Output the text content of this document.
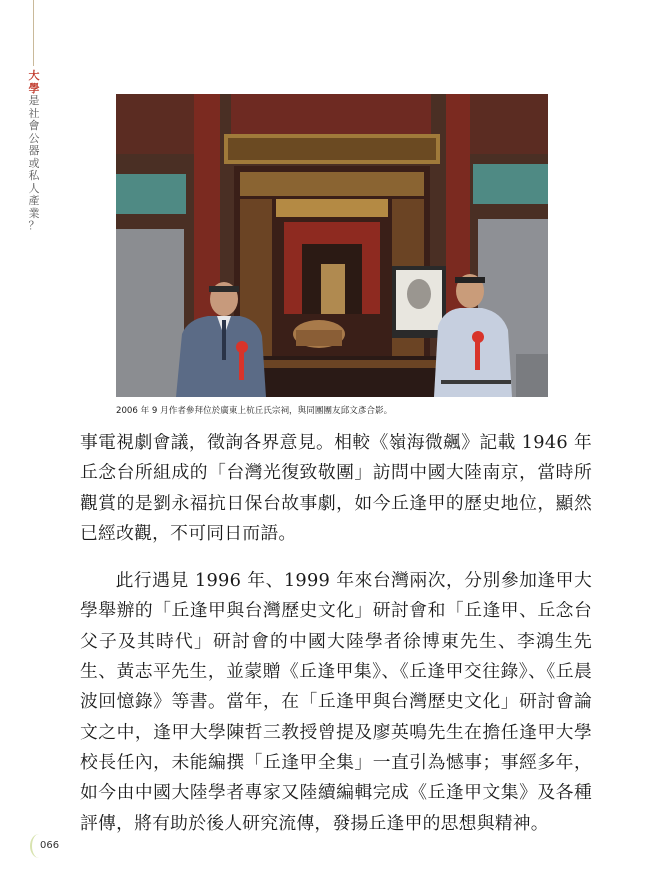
大
學
是
社
會
公
器
或
私
人
產
業
？
2006 年 9 月作者參拜位於廣東上杭丘氏宗祠，與同團團友邱文彥合影。

事電視劇會議，徵詢各界意見。相較《嶺海微飆》記載 1946 年丘念台所組成的「台灣光復致敬團」訪問中國大陸南京，當時所觀賞的是劉永福抗日保台故事劇，如今丘逢甲的歷史地位，顯然已經改觀，不可同日而語。

此行遇見 1996 年、1999 年來台灣兩次，分別參加逢甲大學舉辦的「丘逢甲與台灣歷史文化」研討會和「丘逢甲、丘念台父子及其時代」研討會的中國大陸學者徐博東先生、李鴻生先生、黃志平先生，並蒙贈《丘逢甲集》、《丘逢甲交往錄》、《丘晨波回憶錄》等書。當年，在「丘逢甲與台灣歷史文化」研討會論文之中，逢甲大學陳哲三教授曾提及廖英鳴先生在擔任逢甲大學校長任內，未能編撰「丘逢甲全集」一直引為憾事；事經多年，如今由中國大陸學者專家又陸續編輯完成《丘逢甲文集》及各種評傳，將有助於後人研究流傳，發揚丘逢甲的思想與精神。

066
